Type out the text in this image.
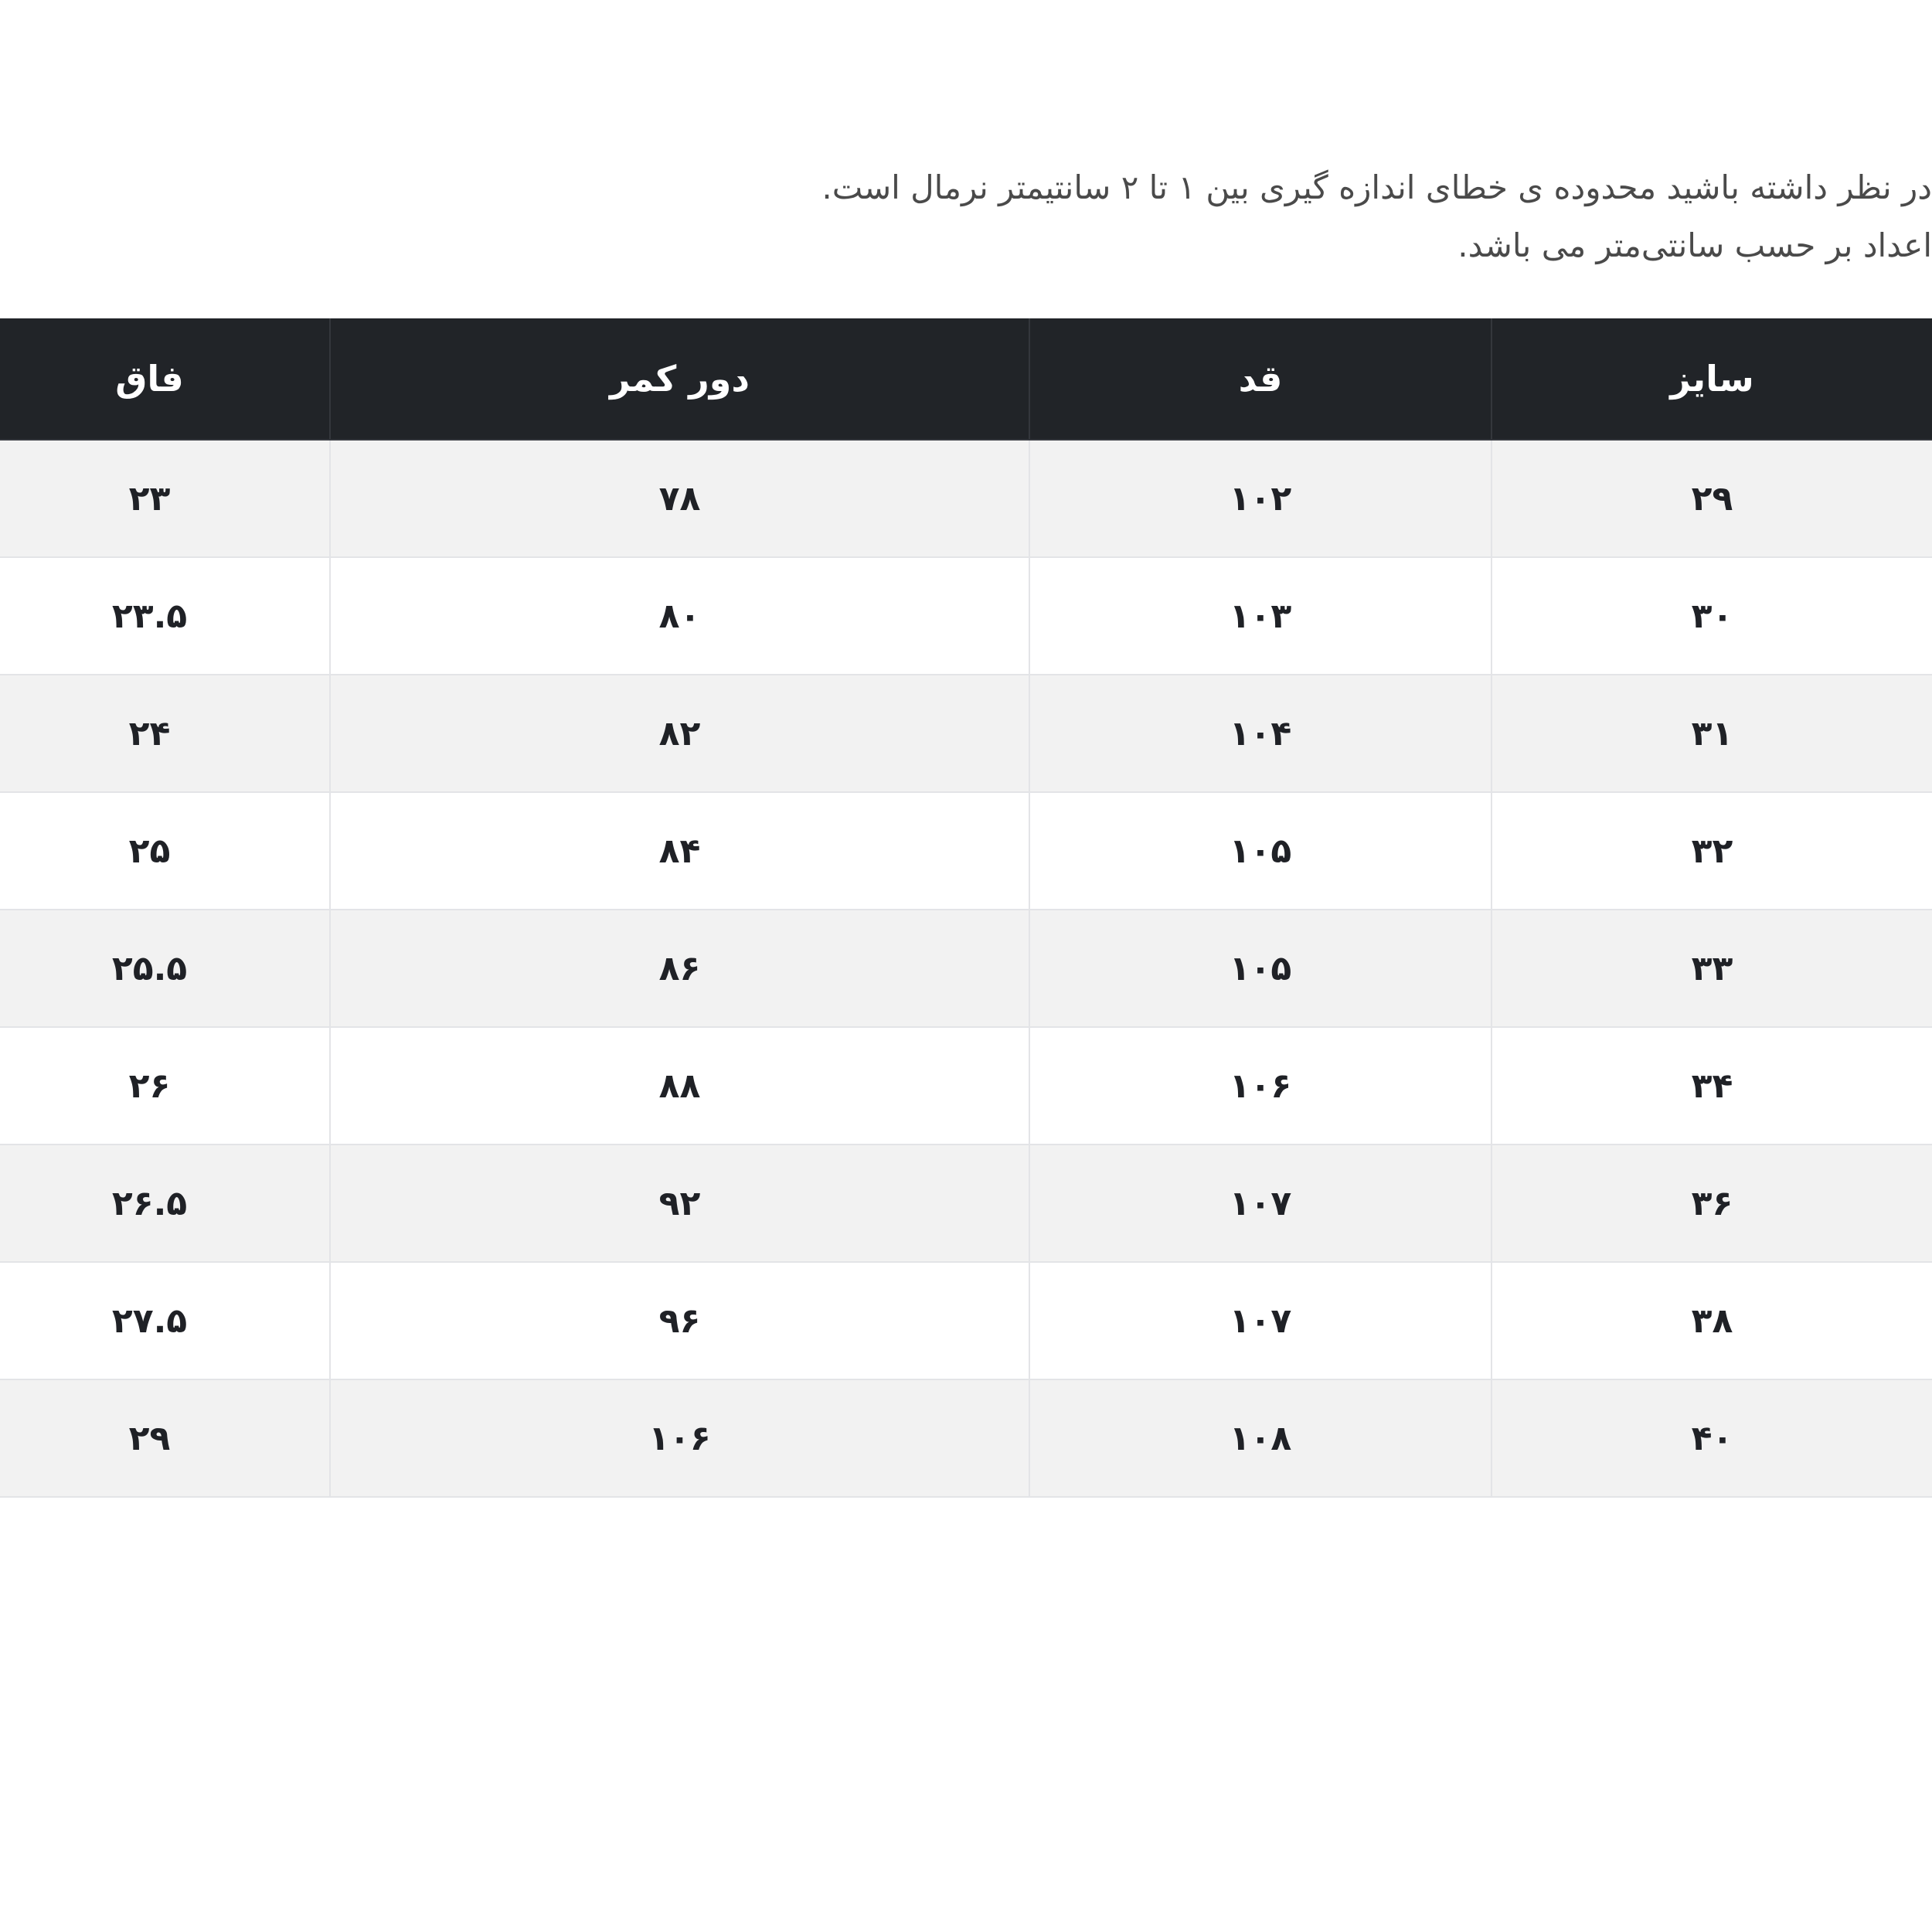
در نظر داشته باشید محدوده ی خطای اندازه گیری بین ۱ تا ۲ سانتیمتر نرمال است.

اعداد بر حسب سانتی‌متر می باشد.

سایز	قد	دور کمر	فاق
۲۹	۱۰۲	۷۸	۲۳
۳۰	۱۰۳	۸۰	۲۳.۵
۳۱	۱۰۴	۸۲	۲۴
۳۲	۱۰۵	۸۴	۲۵
۳۳	۱۰۵	۸۶	۲۵.۵
۳۴	۱۰۶	۸۸	۲۶
۳۶	۱۰۷	۹۲	۲۶.۵
۳۸	۱۰۷	۹۶	۲۷.۵
۴۰	۱۰۸	۱۰۶	۲۹
